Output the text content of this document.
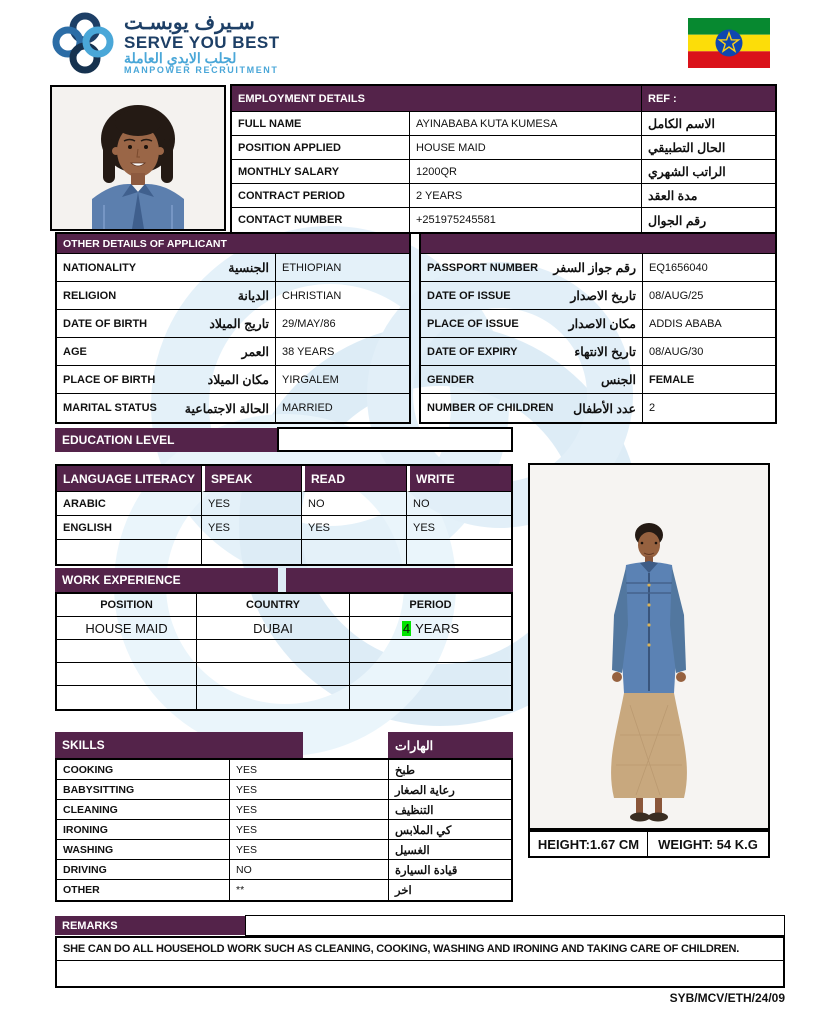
سـيرف يوبسـت
SERVE YOU BEST
لجلب الايدي العاملة
MANPOWER RECRUITMENT
EMPLOYMENT DETAILS	REF :
FULL NAME	AYINABABA KUTA KUMESA	الاسم الكامل
POSITION APPLIED	HOUSE MAID	الحال التطبيقي
MONTHLY SALARY	1200QR	الراتب الشهري
CONTRACT PERIOD	2 YEARS	مدة العقد
CONTACT NUMBER	+251975245581	رقم الجوال
OTHER DETAILS OF APPLICANT
NATIONALITY	الجنسية	ETHIOPIAN
RELIGION	الديانة	CHRISTIAN
DATE OF BIRTH	تاريج الميلاد	29/MAY/86
AGE	العمر	38 YEARS
PLACE OF BIRTH	مكان الميلاد	YIRGALEM
MARITAL STATUS الحالة الاجتماعية	MARRIED
PASSPORT NUMBER رقم جواز السفر	EQ1656040
DATE OF ISSUE	تاريخ الاصدار	08/AUG/25
PLACE OF ISSUE	مكان الاصدار	ADDIS ABABA
DATE OF EXPIRY	تاريخ الانتهاء	08/AUG/30
GENDER	الجنس	FEMALE
NUMBER OF CHILDREN عدد الأطفال	2
EDUCATION LEVEL
LANGUAGE LITERACY	SPEAK	READ	WRITE
ARABIC	YES	NO	NO
ENGLISH	YES	YES	YES
WORK EXPERIENCE
POSITION	COUNTRY	PERIOD
HOUSE MAID	DUBAI	4 YEARS
SKILLS	الهارات
COOKING	YES	طبخ
BABYSITTING	YES	رعاية الصغار
CLEANING	YES	التنظيف
IRONING	YES	كي الملابس
WASHING	YES	الغسيل
DRIVING	NO	قيادة السيارة
OTHER	**	اخر
HEIGHT:1.67 CM	WEIGHT: 54 K.G
REMARKS
SHE CAN DO ALL HOUSEHOLD WORK SUCH AS CLEANING, COOKING, WASHING AND IRONING AND TAKING CARE OF CHILDREN.
SYB/MCV/ETH/24/09
